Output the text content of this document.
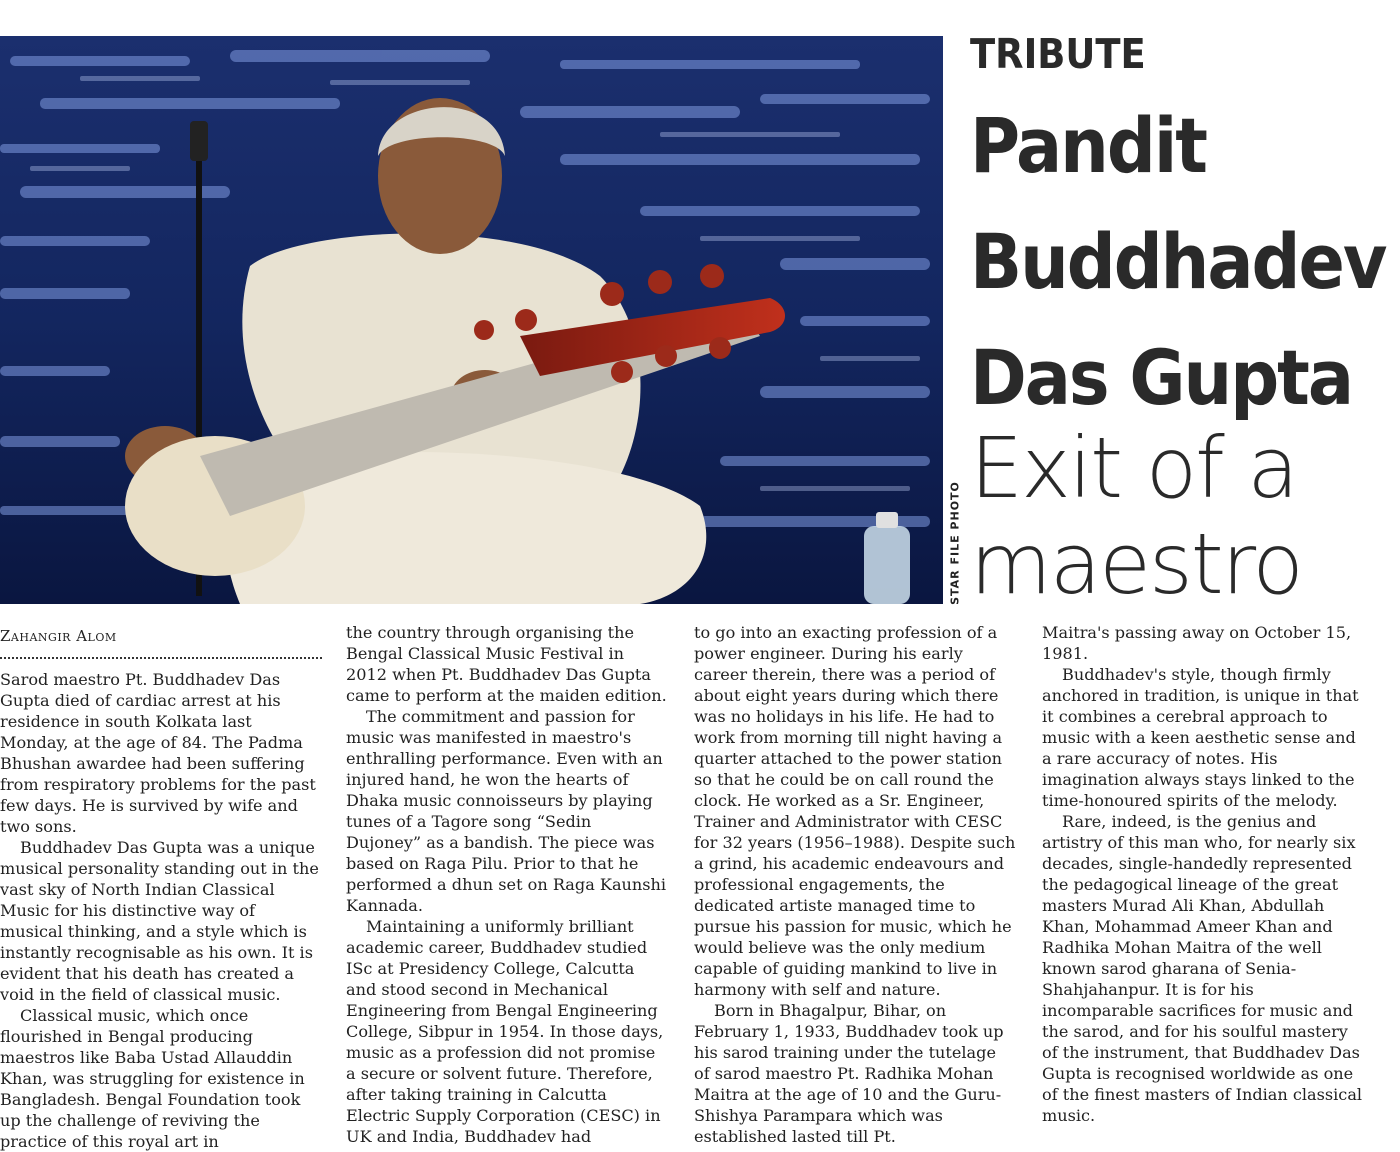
STAR FILE PHOTO
TRIBUTE
Pandit Buddhadev Das Gupta
Exit of a maestro
Zahangir Alom

Sarod maestro Pt. Buddhadev Das Gupta died of cardiac arrest at his residence in south Kolkata last Monday, at the age of 84. The Padma Bhushan awardee had been suffering from respiratory problems for the past few days. He is survived by wife and two sons.

Buddhadev Das Gupta was a unique musical personality standing out in the vast sky of North Indian Classical Music for his distinctive way of musical thinking, and a style which is instantly recognisable as his own. It is evident that his death has created a void in the field of classical music.

Classical music, which once flourished in Bengal producing maestros like Baba Ustad Allauddin Khan, was struggling for existence in Bangladesh. Bengal Foundation took up the challenge of reviving the practice of this royal art in

the country through organising the Bengal Classical Music Festival in 2012 when Pt. Buddhadev Das Gupta came to perform at the maiden edition.

The commitment and passion for music was manifested in maestro's enthralling performance. Even with an injured hand, he won the hearts of Dhaka music connoisseurs by playing tunes of a Tagore song “Sedin Dujoney” as a bandish. The piece was based on Raga Pilu. Prior to that he performed a dhun set on Raga Kaunshi Kannada.

Maintaining a uniformly brilliant academic career, Buddhadev studied ISc at Presidency College, Calcutta and stood second in Mechanical Engineering from Bengal Engineering College, Sibpur in 1954. In those days, music as a profession did not promise a secure or solvent future. Therefore, after taking training in Calcutta Electric Supply Corporation (CESC) in UK and India, Buddhadev had

to go into an exacting profession of a power engineer. During his early career therein, there was a period of about eight years during which there was no holidays in his life. He had to work from morning till night having a quarter attached to the power station so that he could be on call round the clock. He worked as a Sr. Engineer, Trainer and Administrator with CESC for 32 years (1956–1988). Despite such a grind, his academic endeavours and professional engagements, the dedicated artiste managed time to pursue his passion for music, which he would believe was the only medium capable of guiding mankind to live in harmony with self and nature.

Born in Bhagalpur, Bihar, on February 1, 1933, Buddhadev took up his sarod training under the tutelage of sarod maestro Pt. Radhika Mohan Maitra at the age of 10 and the Guru-Shishya Parampara which was established lasted till Pt.

Maitra's passing away on October 15, 1981.

Buddhadev's style, though firmly anchored in tradition, is unique in that it combines a cerebral approach to music with a keen aesthetic sense and a rare accuracy of notes. His imagination always stays linked to the time-honoured spirits of the melody.

Rare, indeed, is the genius and artistry of this man who, for nearly six decades, single-handedly represented the pedagogical lineage of the great masters Murad Ali Khan, Abdullah Khan, Mohammad Ameer Khan and Radhika Mohan Maitra of the well known sarod gharana of Senia-Shahjahanpur. It is for his incomparable sacrifices for music and the sarod, and for his soulful mastery of the instrument, that Buddhadev Das Gupta is recognised worldwide as one of the finest masters of Indian classical music.
